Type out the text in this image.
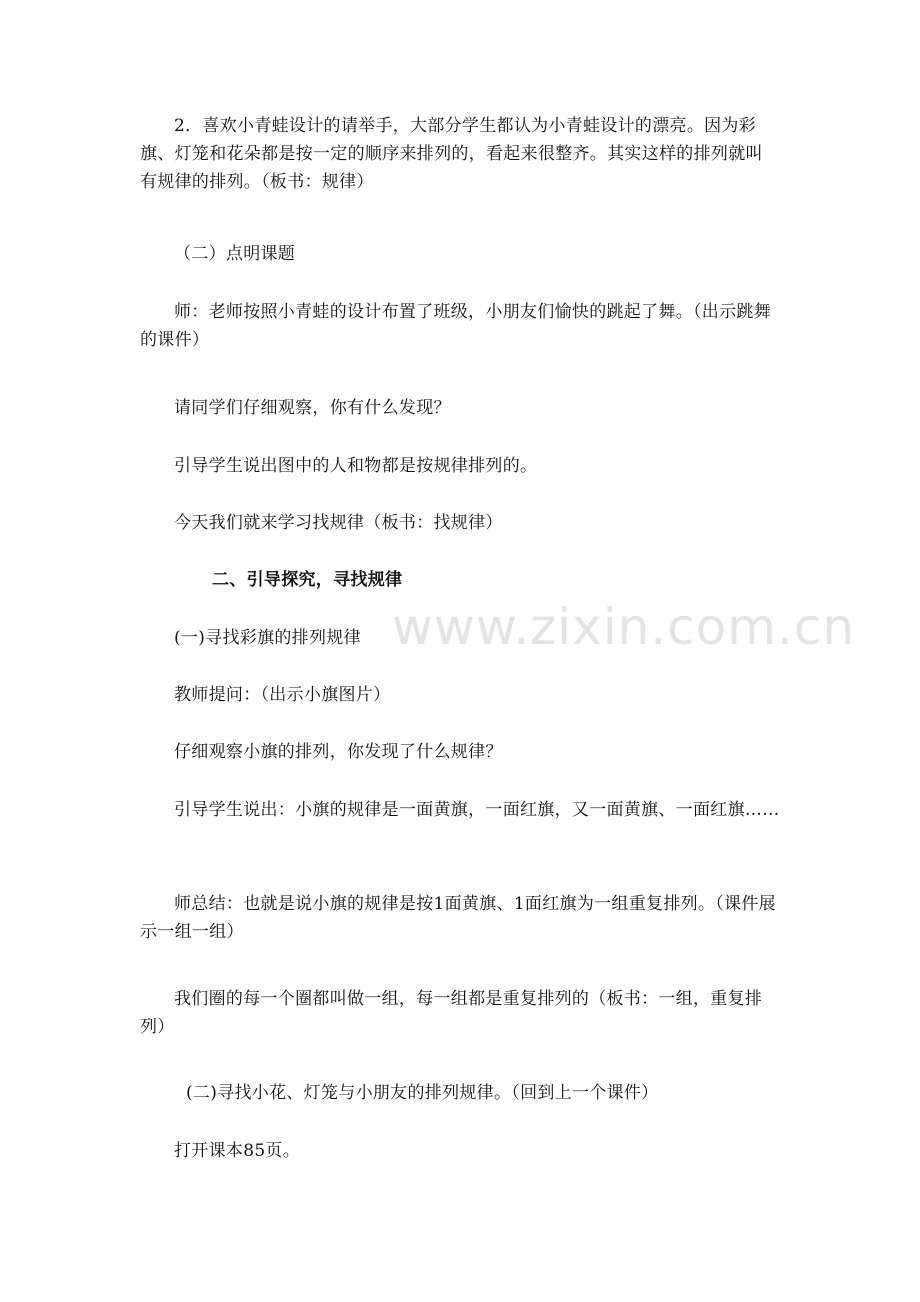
2．喜欢小青蛙设计的请举手，大部分学生都认为小青蛙设计的漂亮。因为彩旗、灯笼和花朵都是按一定的顺序来排列的，看起来很整齐。其实这样的排列就叫有规律的排列。（板书：规律）

（二）点明课题

师：老师按照小青蛙的设计布置了班级，小朋友们愉快的跳起了舞。（出示跳舞的课件）

请同学们仔细观察，你有什么发现？

引导学生说出图中的人和物都是按规律排列的。

今天我们就来学习找规律（板书：找规律）

二、引导探究，寻找规律

(一)寻找彩旗的排列规律

教师提问：（出示小旗图片）

仔细观察小旗的排列，你发现了什么规律？

引导学生说出：小旗的规律是一面黄旗，一面红旗，又一面黄旗、一面红旗……

师总结：也就是说小旗的规律是按1面黄旗、1面红旗为一组重复排列。（课件展示一组一组）

我们圈的每一个圈都叫做一组，每一组都是重复排列的（板书：一组，重复排列）

(二)寻找小花、灯笼与小朋友的排列规律。（回到上一个课件）

打开课本85页。

www.zixin.com.cn
